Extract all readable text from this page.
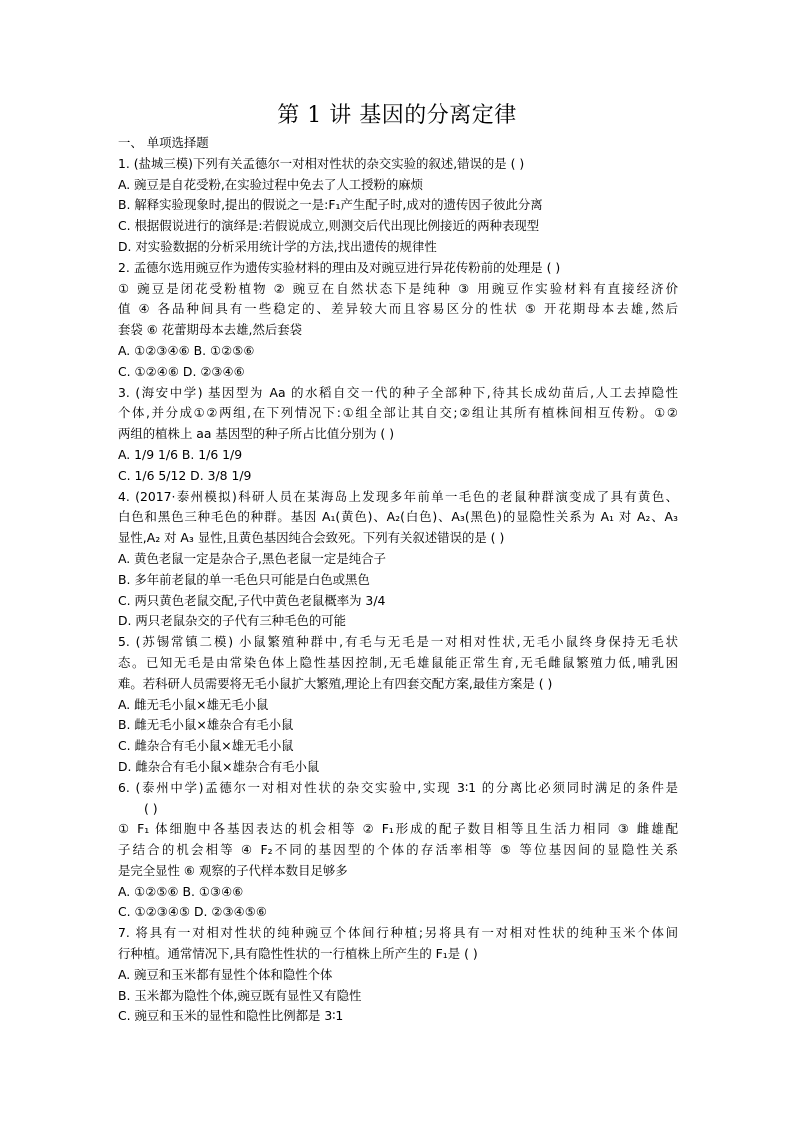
第 1 讲 基因的分离定律
一、 单项选择题
1. (盐城三模)下列有关孟德尔一对相对性状的杂交实验的叙述,错误的是 ( )
A. 豌豆是自花受粉,在实验过程中免去了人工授粉的麻烦
B. 解释实验现象时,提出的假说之一是:F₁产生配子时,成对的遗传因子彼此分离
C. 根据假说进行的演绎是:若假说成立,则测交后代出现比例接近的两种表现型
D. 对实验数据的分析采用统计学的方法,找出遗传的规律性
2. 孟德尔选用豌豆作为遗传实验材料的理由及对豌豆进行异花传粉前的处理是 ( )
① 豌豆是闭花受粉植物 ② 豌豆在自然状态下是纯种 ③ 用豌豆作实验材料有直接经济价
值 ④ 各品种间具有一些稳定的、差异较大而且容易区分的性状 ⑤ 开花期母本去雄,然后
套袋 ⑥ 花蕾期母本去雄,然后套袋
A. ①②③④⑥ B. ①②⑤⑥
C. ①②④⑥ D. ②③④⑥
3. (海安中学) 基因型为 Aa 的水稻自交一代的种子全部种下,待其长成幼苗后,人工去掉隐性
个体,并分成①②两组,在下列情况下:①组全部让其自交;②组让其所有植株间相互传粉。①②
两组的植株上 aa 基因型的种子所占比值分别为 ( )
A. 1/9 1/6 B. 1/6 1/9
C. 1/6 5/12 D. 3/8 1/9
4. (2017·泰州模拟)科研人员在某海岛上发现多年前单一毛色的老鼠种群演变成了具有黄色、
白色和黑色三种毛色的种群。基因 A₁(黄色)、A₂(白色)、A₃(黑色)的显隐性关系为 A₁ 对 A₂、A₃
显性,A₂ 对 A₃ 显性,且黄色基因纯合会致死。下列有关叙述错误的是 ( )
A. 黄色老鼠一定是杂合子,黑色老鼠一定是纯合子
B. 多年前老鼠的单一毛色只可能是白色或黑色
C. 两只黄色老鼠交配,子代中黄色老鼠概率为 3/4
D. 两只老鼠杂交的子代有三种毛色的可能
5. (苏锡常镇二模) 小鼠繁殖种群中,有毛与无毛是一对相对性状,无毛小鼠终身保持无毛状
态。已知无毛是由常染色体上隐性基因控制,无毛雄鼠能正常生育,无毛雌鼠繁殖力低,哺乳困
难。若科研人员需要将无毛小鼠扩大繁殖,理论上有四套交配方案,最佳方案是 ( )
A. 雌无毛小鼠×雄无毛小鼠
B. 雌无毛小鼠×雄杂合有毛小鼠
C. 雌杂合有毛小鼠×雄无毛小鼠
D. 雌杂合有毛小鼠×雄杂合有毛小鼠
6. (泰州中学)孟德尔一对相对性状的杂交实验中,实现 3∶1 的分离比必须同时满足的条件是
( )
① F₁ 体细胞中各基因表达的机会相等 ② F₁形成的配子数目相等且生活力相同 ③ 雌雄配
子结合的机会相等 ④ F₂不同的基因型的个体的存活率相等 ⑤ 等位基因间的显隐性关系
是完全显性 ⑥ 观察的子代样本数目足够多
A. ①②⑤⑥ B. ①③④⑥
C. ①②③④⑤ D. ②③④⑤⑥
7. 将具有一对相对性状的纯种豌豆个体间行种植;另将具有一对相对性状的纯种玉米个体间
行种植。通常情况下,具有隐性性状的一行植株上所产生的 F₁是 ( )
A. 豌豆和玉米都有显性个体和隐性个体
B. 玉米都为隐性个体,豌豆既有显性又有隐性
C. 豌豆和玉米的显性和隐性比例都是 3∶1
